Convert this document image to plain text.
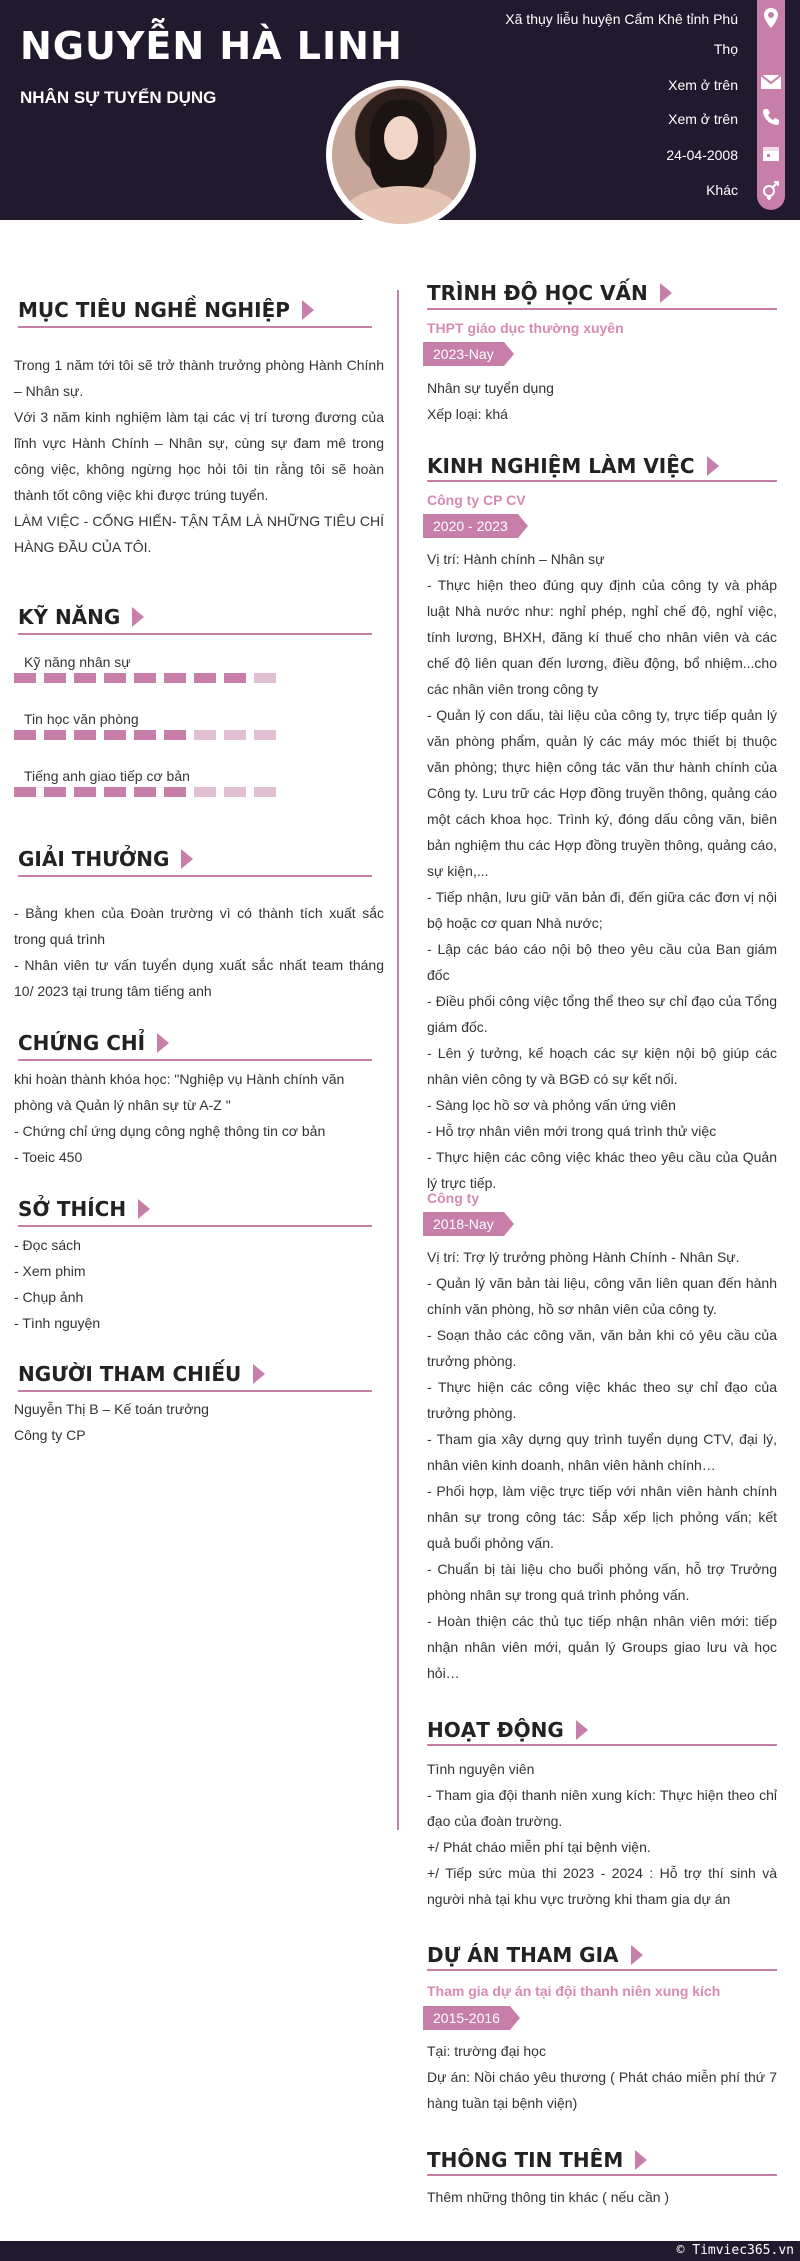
NGUYỄN HÀ LINH
NHÂN SỰ TUYỂN DỤNG
Xã thụy liễu huyện Cẩm Khê tỉnh Phú
Thọ
Xem ở trên
Xem ở trên
24-04-2008
Khác
MỤC TIÊU NGHỀ NGHIỆP

Trong 1 năm tới tôi sẽ trở thành trưởng phòng Hành Chính – Nhân sự.

Với 3 năm kinh nghiệm làm tại các vị trí tương đương của lĩnh vực Hành Chính – Nhân sự, cùng sự đam mê trong công việc, không ngừng học hỏi tôi tin rằng tôi sẽ hoàn thành tốt công việc khi được trúng tuyển.

LÀM VIỆC - CỐNG HIẾN- TẬN TÂM LÀ NHỮNG TIÊU CHÍ HÀNG ĐẦU CỦA TÔI.

KỸ NĂNG
Kỹ năng nhân sự
Tin học văn phòng
Tiếng anh giao tiếp cơ bản
GIẢI THƯỞNG

- Bằng khen của Đoàn trường vì có thành tích xuất sắc trong quá trình

- Nhân viên tư vấn tuyển dụng xuất sắc nhất team tháng 10/ 2023 tại trung tâm tiếng anh

CHỨNG CHỈ

khi hoàn thành khóa học: "Nghiệp vụ Hành chính văn phòng và Quản lý nhân sự từ A-Z "

- Chứng chỉ ứng dụng công nghệ thông tin cơ bản

- Toeic 450

SỞ THÍCH

- Đọc sách

- Xem phim

- Chụp ảnh

- Tình nguyện

NGƯỜI THAM CHIẾU

Nguyễn Thị B – Kế toán trưởng

Công ty CP

TRÌNH ĐỘ HỌC VẤN
THPT giáo dục thường xuyên
2023-Nay

Nhân sự tuyển dụng

Xếp loại: khá

KINH NGHIỆM LÀM VIỆC
Công ty CP CV
2020 - 2023

Vị trí: Hành chính – Nhân sự

- Thực hiện theo đúng quy định của công ty và pháp luật Nhà nước như: nghỉ phép, nghỉ chế độ, nghỉ việc, tính lương, BHXH, đăng kí thuế cho nhân viên và các chế độ liên quan đến lương, điều động, bổ nhiệm...cho các nhân viên trong công ty

- Quản lý con dấu, tài liệu của công ty, trực tiếp quản lý văn phòng phẩm, quản lý các máy móc thiết bị thuộc văn phòng; thực hiện công tác văn thư hành chính của Công ty. Lưu trữ các Hợp đồng truyền thông, quảng cáo một cách khoa học. Trình ký, đóng dấu công văn, biên bản nghiệm thu các Hợp đồng truyền thông, quảng cáo, sự kiện,...

- Tiếp nhận, lưu giữ văn bản đi, đến giữa các đơn vị nội bộ hoặc cơ quan Nhà nước;

- Lập các báo cáo nội bộ theo yêu cầu của Ban giám đốc

- Điều phối công việc tổng thể theo sự chỉ đạo của Tổng giám đốc.

- Lên ý tưởng, kế hoạch các sự kiện nội bộ giúp các nhân viên công ty và BGĐ có sự kết nối.

- Sàng lọc hồ sơ và phỏng vấn ứng viên

- Hỗ trợ nhân viên mới trong quá trình thử việc

- Thực hiện các công việc khác theo yêu cầu của Quản lý trực tiếp.

Công ty
2018-Nay

Vị trí: Trợ lý trưởng phòng Hành Chính - Nhân Sự.

- Quản lý văn bản tài liệu, công văn liên quan đến hành chính văn phòng, hồ sơ nhân viên của công ty.

- Soạn thảo các công văn, văn bản khi có yêu cầu của trưởng phòng.

- Thực hiện các công việc khác theo sự chỉ đạo của trưởng phòng.

- Tham gia xây dựng quy trình tuyển dụng CTV, đại lý, nhân viên kinh doanh, nhân viên hành chính…

- Phối hợp, làm việc trực tiếp với nhân viên hành chính nhân sự trong công tác: Sắp xếp lịch phỏng vấn; kết quả buổi phỏng vấn.

- Chuẩn bị tài liệu cho buổi phỏng vấn, hỗ trợ Trưởng phòng nhân sự trong quá trình phỏng vấn.

- Hoàn thiện các thủ tục tiếp nhận nhân viên mới: tiếp nhận nhân viên mới, quản lý Groups giao lưu và học hỏi…

HOẠT ĐỘNG

Tình nguyện viên

- Tham gia đội thanh niên xung kích: Thực hiện theo chỉ đạo của đoàn trường.

+/ Phát cháo miễn phí tại bệnh viện.

+/ Tiếp sức mùa thi 2023 - 2024 : Hỗ trợ thí sinh và người nhà tại khu vực trường khi tham gia dự án

DỰ ÁN THAM GIA
Tham gia dự án tại đội thanh niên xung kích
2015-2016

Tại: trường đại học

Dự án: Nồi cháo yêu thương ( Phát cháo miễn phí thứ 7 hàng tuần tại bệnh viện)

THÔNG TIN THÊM

Thêm những thông tin khác ( nếu cần )

© Timviec365.vn
